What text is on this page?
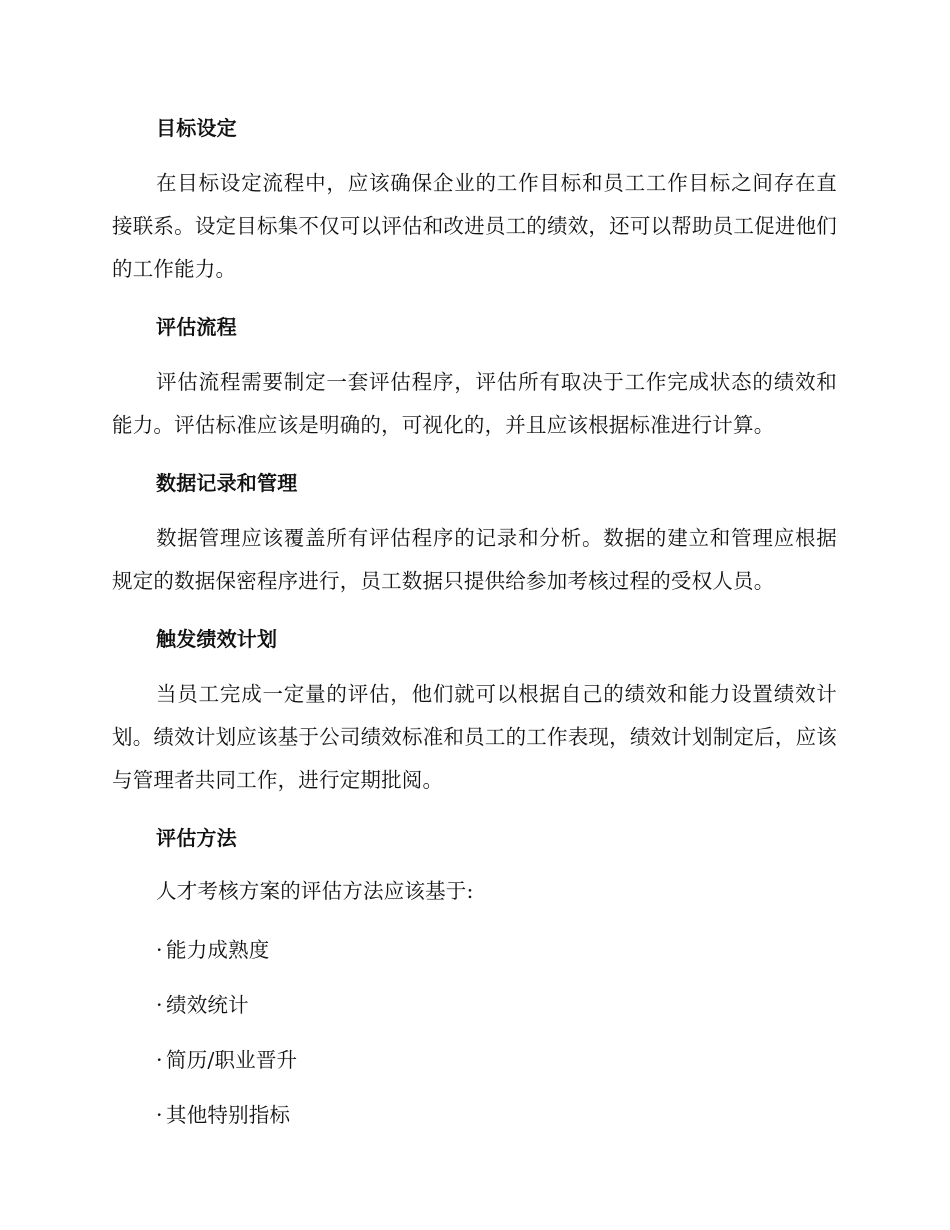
目标设定

在目标设定流程中，应该确保企业的工作目标和员工工作目标之间存在直接联系。设定目标集不仅可以评估和改进员工的绩效，还可以帮助员工促进他们的工作能力。

评估流程

评估流程需要制定一套评估程序，评估所有取决于工作完成状态的绩效和能力。评估标准应该是明确的，可视化的，并且应该根据标准进行计算。

数据记录和管理

数据管理应该覆盖所有评估程序的记录和分析。数据的建立和管理应根据规定的数据保密程序进行，员工数据只提供给参加考核过程的受权人员。

触发绩效计划

当员工完成一定量的评估，他们就可以根据自己的绩效和能力设置绩效计划。绩效计划应该基于公司绩效标准和员工的工作表现，绩效计划制定后，应该与管理者共同工作，进行定期批阅。

评估方法

人才考核方案的评估方法应该基于:

· 能力成熟度
· 绩效统计
· 简历/职业晋升
· 其他特别指标
